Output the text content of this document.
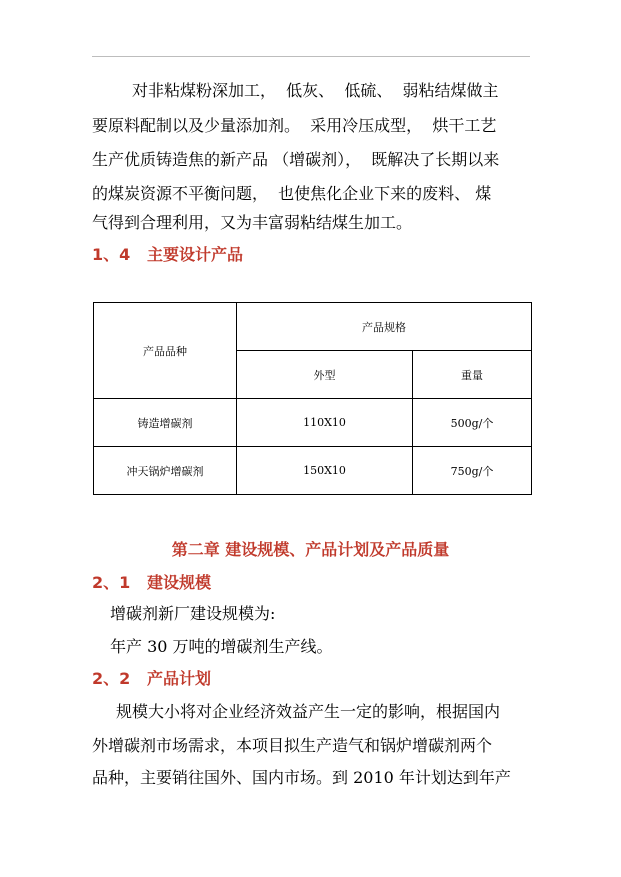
对非粘煤粉深加工，  低灰、  低硫、  弱粘结煤做主
要原料配制以及少量添加剂。  采用冷压成型，  烘干工艺
生产优质铸造焦的新产品 （增碳剂），  既解决了长期以来
的煤炭资源不平衡问题，  也使焦化企业下来的废料、 煤
气得到合理利用，又为丰富弱粘结煤生加工。
1、4   主要设计产品
产品品种	产品规格	
	外型	重量
铸造增碳剂	110X10	500g/个
冲天锅炉增碳剂	150X10	750g/个
第二章 建设规模、产品计划及产品质量
2、1   建设规模
增碳剂新厂建设规模为:
年产 30 万吨的增碳剂生产线。
2、2   产品计划
规模大小将对企业经济效益产生一定的影响，根据国内
外增碳剂市场需求，本项目拟生产造气和锅炉增碳剂两个
品种，主要销往国外、国内市场。到 2010 年计划达到年产
